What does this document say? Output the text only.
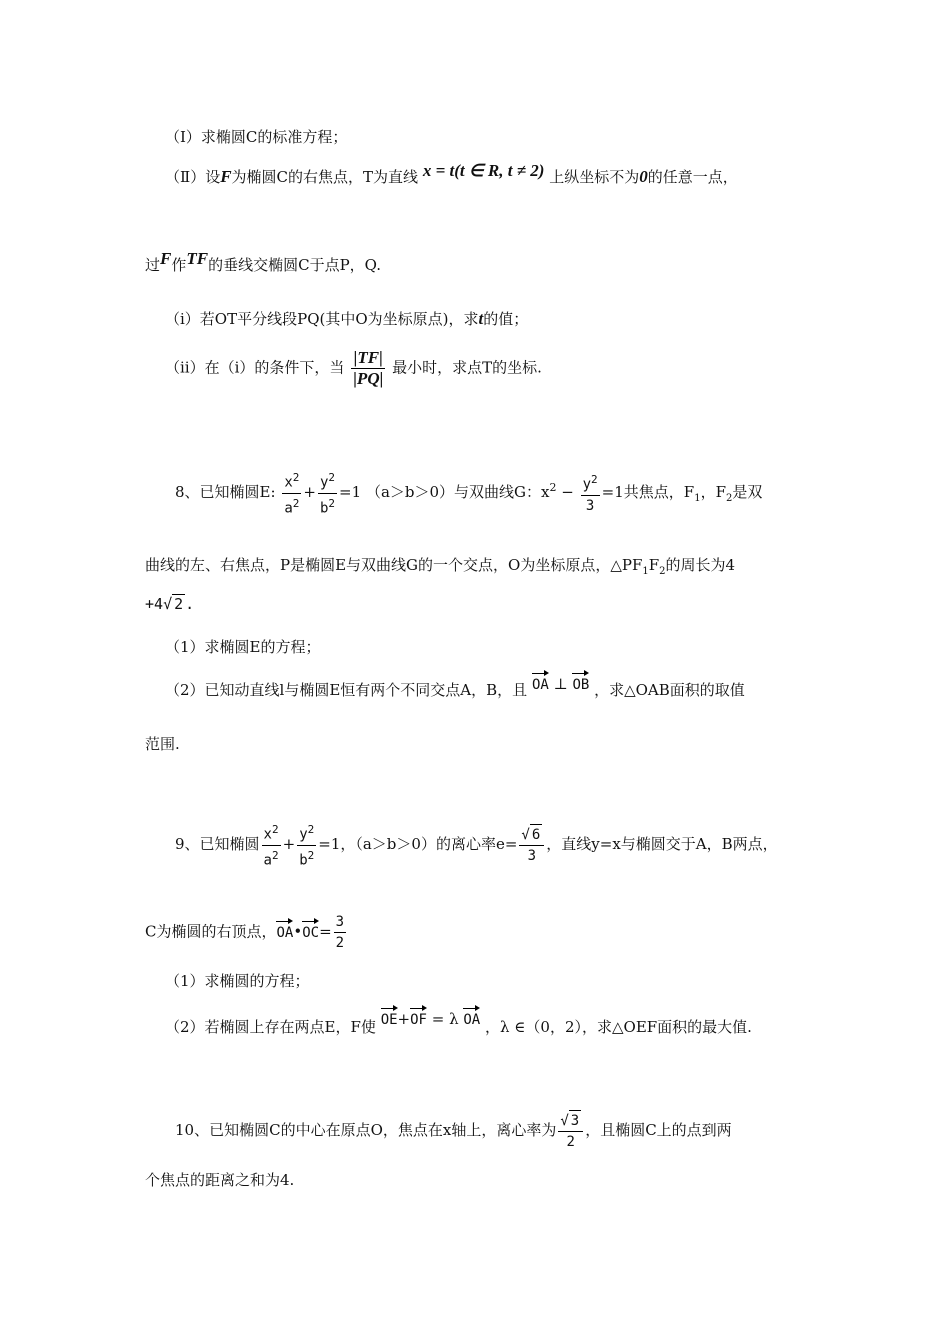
（Ⅰ）求椭圆C的标准方程；
（Ⅱ）设F为椭圆C的右焦点，T为直线 x = t(t ∈ R, t ≠ 2) 上纵坐标不为0的任意一点，
过F作TF的垂线交椭圆C于点P，Q.
（ⅰ）若OT平分线段PQ(其中O为坐标原点)，求t的值；
（ⅱ）在（ⅰ）的条件下，当 $\frac{|TF|}{|PQ|}$ 最小时，求点T的坐标.
8、已知椭圆E: $\frac{x^2}{a^2} + \frac{y^2}{b^2} =1$ （a＞b＞0）与双曲线G：$x^2 - \frac{y^2}{3} =1$共焦点，$F_1$，$F_2$是双
曲线的左、右焦点，P是椭圆E与双曲线G的一个交点，O为坐标原点，$\triangle PF_1F_2$的周长为4
+4√ 2 .
（1）求椭圆E的方程；
（2）已知动直线l与椭圆E恒有两个不同交点A，B，且 OA ⊥ OB ，求△OAB面积的取值
范围.
9、已知椭圆 $\frac{x^2}{a^2} + \frac{y^2}{b^2} =1$，（a＞b＞0）的离心率$e= \frac{√ 6}{3}$ ，直线y=x与椭圆交于A，B两点，
C为椭圆的右顶点，OA•OC= $\frac{3}{2}$
（1）求椭圆的方程；
（2）若椭圆上存在两点E，F使 OE+OF = λ OA ，λ ∈（0，2），求△OEF面积的最大值.
10、已知椭圆C的中心在原点O，焦点在x轴上，离心率为 $\frac{√ 3}{2}$ ，且椭圆C上的点到两
个焦点的距离之和为4.
